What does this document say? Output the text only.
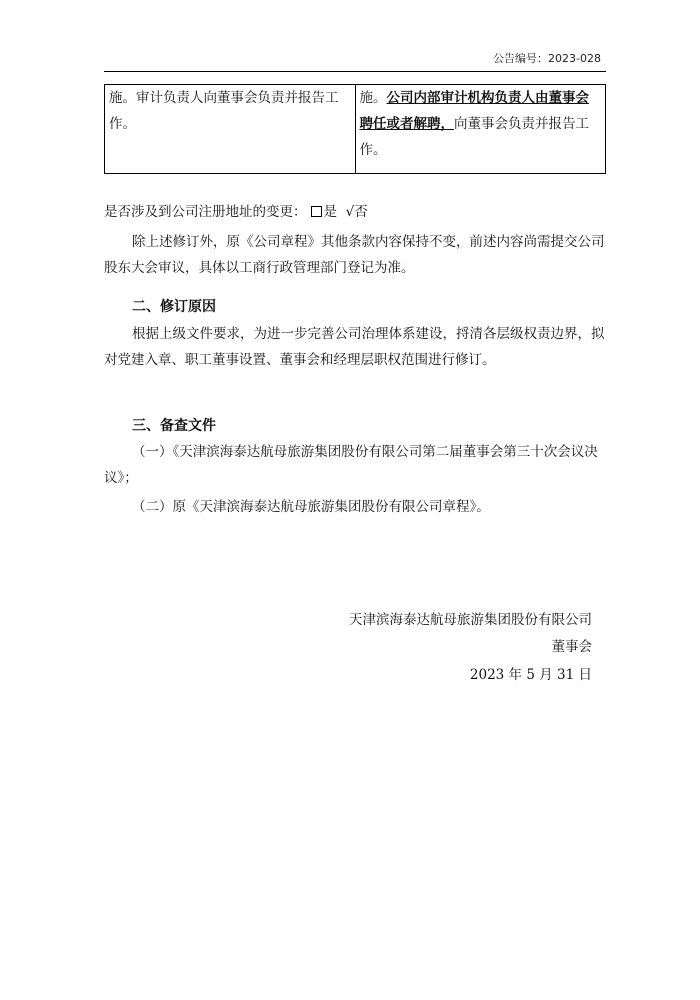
公告编号：2023-028
施。审计负责人向董事会负责并报告工作。	施。公司内部审计机构负责人由董事会聘任或者解聘，向董事会负责并报告工作。

是否涉及到公司注册地址的变更： 是 √否

除上述修订外，原《公司章程》其他条款内容保持不变，前述内容尚需提交公司股东大会审议，具体以工商行政管理部门登记为准。

二、修订原因

根据上级文件要求，为进一步完善公司治理体系建设，捋清各层级权责边界，拟对党建入章、职工董事设置、董事会和经理层职权范围进行修订。

三、备查文件

（一）《天津滨海泰达航母旅游集团股份有限公司第二届董事会第三十次会议决议》；

（二）原《天津滨海泰达航母旅游集团股份有限公司章程》。

天津滨海泰达航母旅游集团股份有限公司

董事会

2023 年 5 月 31 日
